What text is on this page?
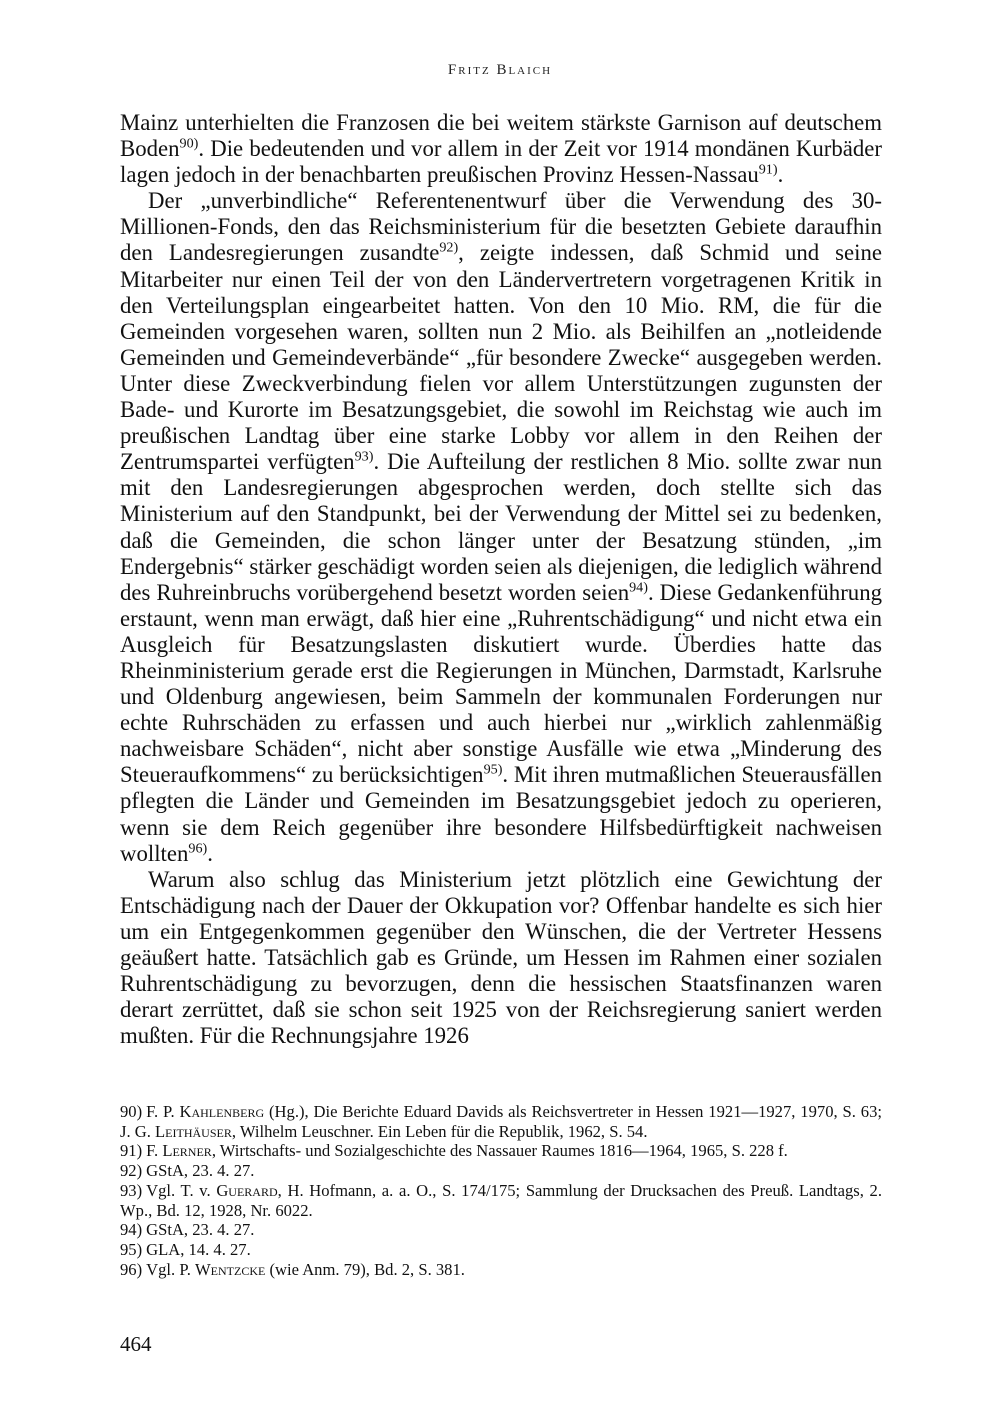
Fritz Blaich

Mainz unterhielten die Franzosen die bei weitem stärkste Garnison auf deutschem Boden$^{90)}$. Die bedeutenden und vor allem in der Zeit vor 1914 mondänen Kurbäder lagen jedoch in der benachbarten preußischen Provinz Hessen-Nassau$^{91)}$.

Der „unverbindliche“ Referentenentwurf über die Verwendung des 30-Millionen-Fonds, den das Reichsministerium für die besetzten Gebiete daraufhin den Landesregierungen zusandte$^{92)}$, zeigte indessen, daß Schmid und seine Mitarbeiter nur einen Teil der von den Ländervertretern vorgetragenen Kritik in den Verteilungsplan eingearbeitet hatten. Von den 10 Mio. RM, die für die Gemeinden vorgesehen waren, sollten nun 2 Mio. als Beihilfen an „notleidende Gemeinden und Gemeindeverbände“ „für besondere Zwecke“ ausgegeben werden. Unter diese Zweckverbindung fielen vor allem Unterstützungen zugunsten der Bade- und Kurorte im Besatzungsgebiet, die sowohl im Reichstag wie auch im preußischen Landtag über eine starke Lobby vor allem in den Reihen der Zentrumspartei verfügten$^{93)}$. Die Aufteilung der restlichen 8 Mio. sollte zwar nun mit den Landesregierungen abgesprochen werden, doch stellte sich das Ministerium auf den Standpunkt, bei der Verwendung der Mittel sei zu bedenken, daß die Gemeinden, die schon länger unter der Besatzung stünden, „im Endergebnis“ stärker geschädigt worden seien als diejenigen, die lediglich während des Ruhreinbruchs vorübergehend besetzt worden seien$^{94)}$. Diese Gedankenführung erstaunt, wenn man erwägt, daß hier eine „Ruhrentschädigung“ und nicht etwa ein Ausgleich für Besatzungslasten diskutiert wurde. Überdies hatte das Rheinministerium gerade erst die Regierungen in München, Darmstadt, Karlsruhe und Oldenburg angewiesen, beim Sammeln der kommunalen Forderungen nur echte Ruhrschäden zu erfassen und auch hierbei nur „wirklich zahlenmäßig nachweisbare Schäden“, nicht aber sonstige Ausfälle wie etwa „Minderung des Steueraufkommens“ zu berücksichtigen$^{95)}$. Mit ihren mutmaßlichen Steuerausfällen pflegten die Länder und Gemeinden im Besatzungsgebiet jedoch zu operieren, wenn sie dem Reich gegenüber ihre besondere Hilfsbedürftigkeit nachweisen wollten$^{96)}$.

Warum also schlug das Ministerium jetzt plötzlich eine Gewichtung der Entschädigung nach der Dauer der Okkupation vor? Offenbar handelte es sich hier um ein Entgegenkommen gegenüber den Wünschen, die der Vertreter Hessens geäußert hatte. Tatsächlich gab es Gründe, um Hessen im Rahmen einer sozialen Ruhrentschädigung zu bevorzugen, denn die hessischen Staatsfinanzen waren derart zerrüttet, daß sie schon seit 1925 von der Reichsregierung saniert werden mußten. Für die Rechnungsjahre 1926

90) F. P. Kahlenberg (Hg.), Die Berichte Eduard Davids als Reichsvertreter in Hessen 1921—1927, 1970, S. 63; J. G. Leithäuser, Wilhelm Leuschner. Ein Leben für die Republik, 1962, S. 54.

91) F. Lerner, Wirtschafts- und Sozialgeschichte des Nassauer Raumes 1816—1964, 1965, S. 228 f.

92) GStA, 23. 4. 27.

93) Vgl. T. v. Guerard, H. Hofmann, a. a. O., S. 174/175; Sammlung der Drucksachen des Preuß. Landtags, 2. Wp., Bd. 12, 1928, Nr. 6022.

94) GStA, 23. 4. 27.

95) GLA, 14. 4. 27.

96) Vgl. P. Wentzcke (wie Anm. 79), Bd. 2, S. 381.

464
